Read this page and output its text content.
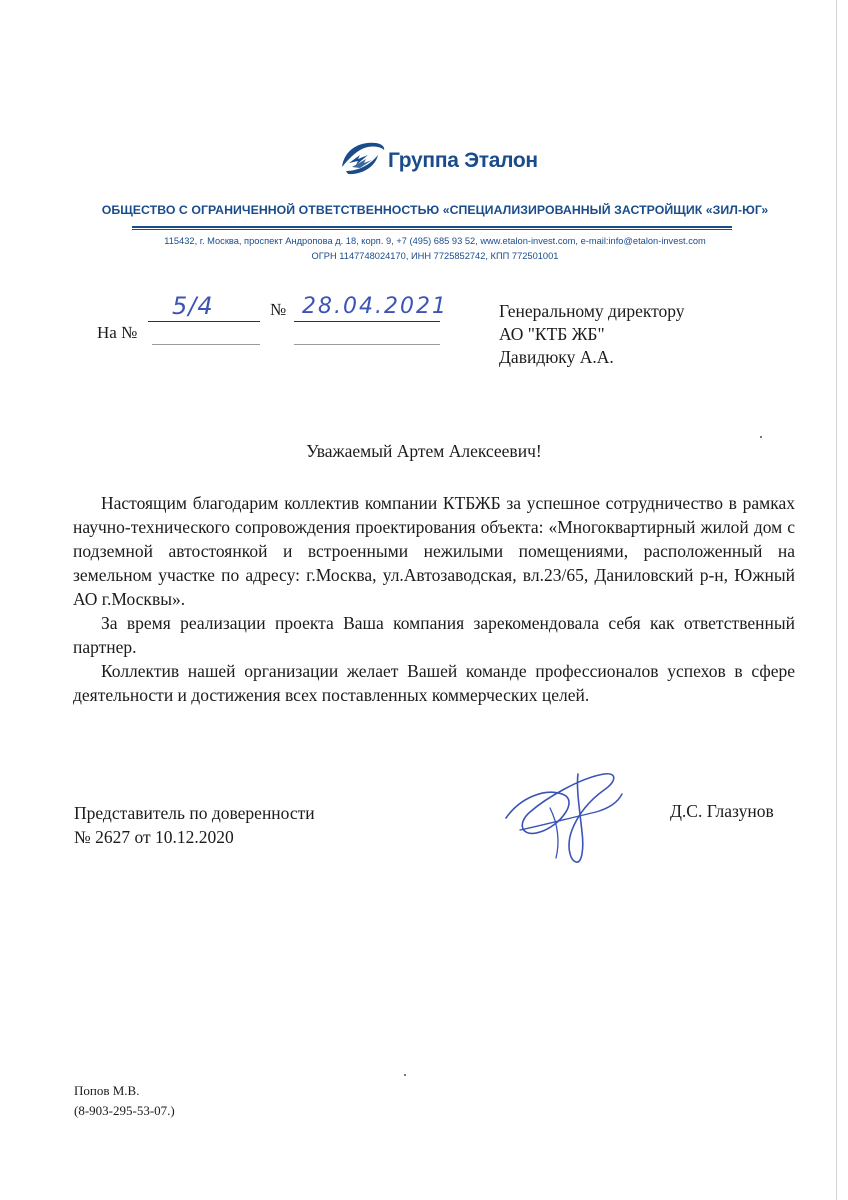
Группа Эталон
ОБЩЕСТВО С ОГРАНИЧЕННОЙ ОТВЕТСТВЕННОСТЬЮ «СПЕЦИАЛИЗИРОВАННЫЙ ЗАСТРОЙЩИК «ЗИЛ-ЮГ»
115432, г. Москва, проспект Андропова д. 18, корп. 9, +7 (495) 685 93 52, www.etalon-invest.com, e-mail:info@etalon-invest.com
ОГРН 1147748024170, ИНН 7725852742, КПП 772501001
5/4	№ 28.04.2021
На №
Генеральному директору
АО "КТБ ЖБ"
Давидюку А.А.
Уважаемый Артем Алексеевич!

Настоящим благодарим коллектив компании КТБЖБ за успешное сотрудничество в рамках научно-технического сопровождения проектирования объекта: «Многоквартирный жилой дом с подземной автостоянкой и встроенными нежилыми помещениями, расположенный на земельном участке по адресу: г.Москва, ул.Автозаводская, вл.23/65, Даниловский р-н, Южный АО г.Москвы».

За время реализации проекта Ваша компания зарекомендовала себя как ответственный партнер.

Коллектив нашей организации желает Вашей команде профессионалов успехов в сфере деятельности и достижения всех поставленных коммерческих целей.

Представитель по доверенности
№ 2627 от 10.12.2020
Д.С. Глазунов
Попов М.В.
(8-903-295-53-07.)
